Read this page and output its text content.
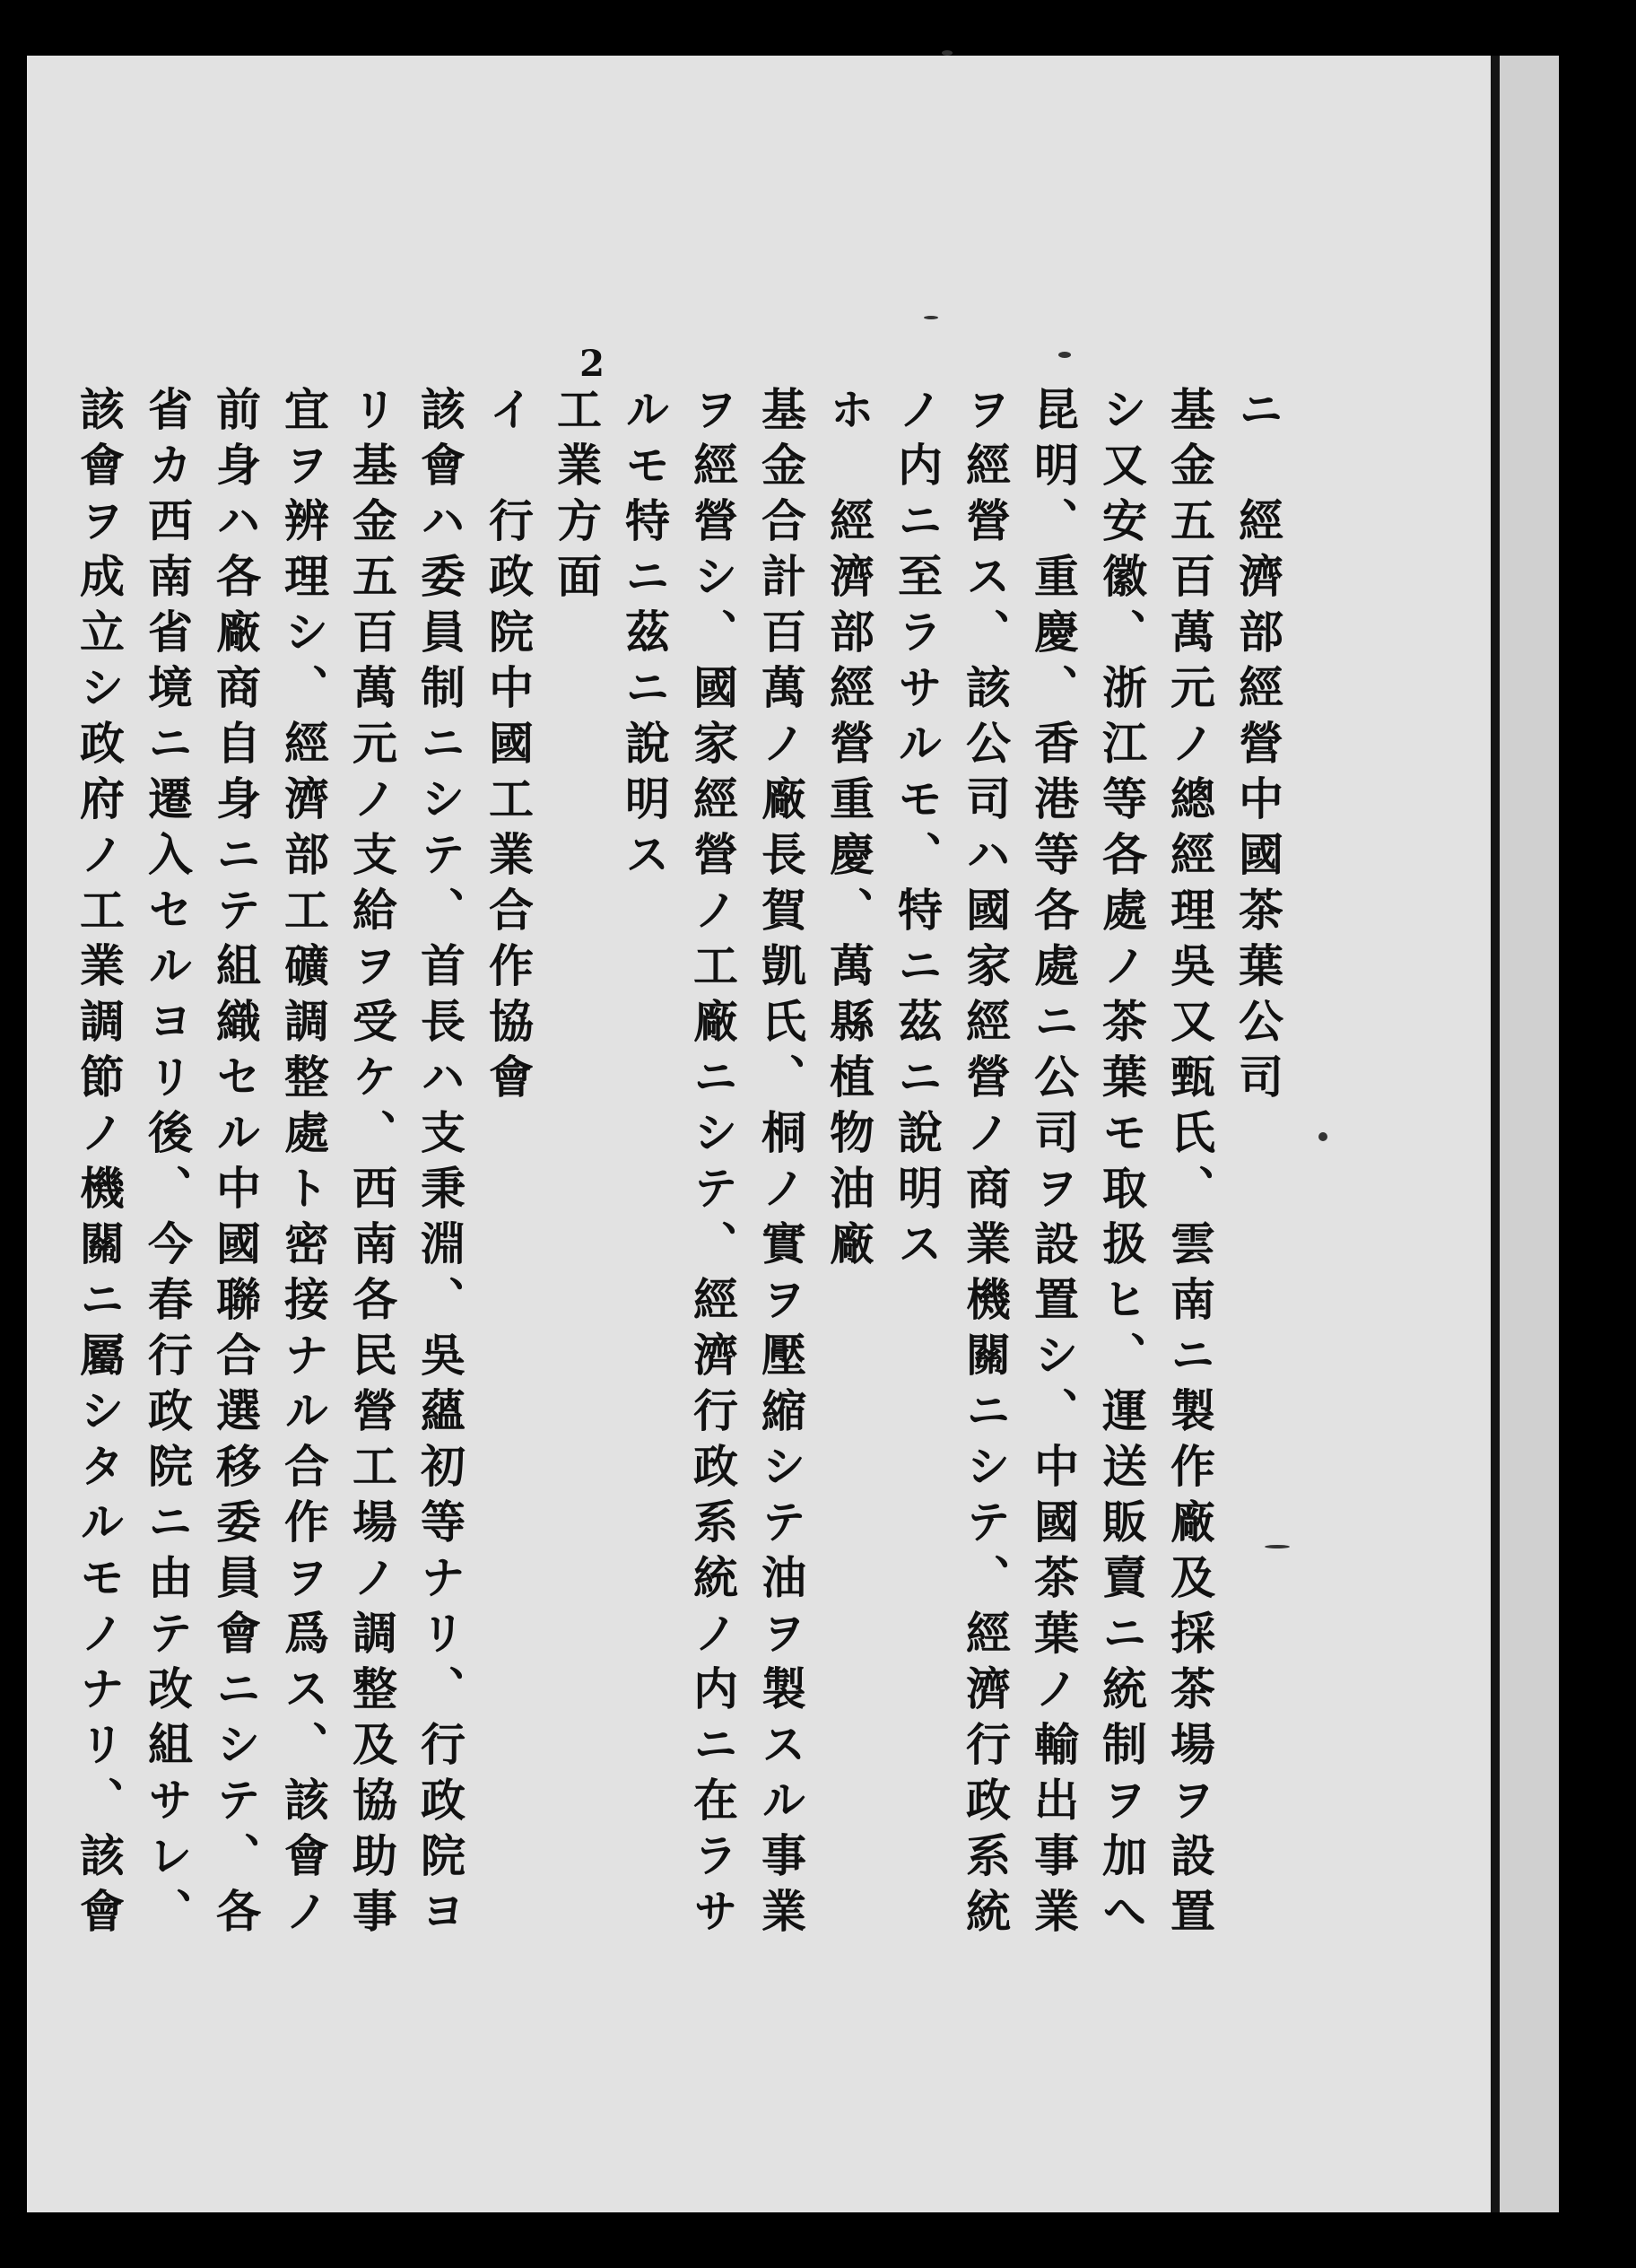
2

ニ　經濟部經營中國茶葉公司

基金五百萬元ノ總經理吳又甄氏、雲南ニ製作廠及採茶場ヲ設置

シ又安徽、浙江等各處ノ茶葉モ取扱ヒ、運送販賣ニ統制ヲ加へ

昆明、重慶、香港等各處ニ公司ヲ設置シ、中國茶葉ノ輸出事業

ヲ經營ス、該公司ハ國家經營ノ商業機關ニシテ、經濟行政系統

ノ内ニ至ラサルモ、特ニ茲ニ說明ス

ホ　經濟部經營重慶、萬縣植物油廠

基金合計百萬ノ廠長賀凱氏、桐ノ實ヲ壓縮シテ油ヲ製スル事業

ヲ經營シ、國家經營ノ工廠ニシテ、經濟行政系統ノ内ニ在ラサ

ルモ特ニ茲ニ說明ス

工業方面

イ　行政院中國工業合作協會

該會ハ委員制ニシテ、首長ハ支秉淵、吳蘊初等ナリ、行政院ヨ

リ基金五百萬元ノ支給ヲ受ケ、西南各民營工場ノ調整及協助事

宜ヲ辨理シ、經濟部工礦調整處ト密接ナル合作ヲ爲ス、該會ノ

前身ハ各廠商自身ニテ組織セル中國聯合選移委員會ニシテ、各

省カ西南省境ニ遷入セルヨリ後、今春行政院ニ由テ改組サレ、

該會ヲ成立シ政府ノ工業調節ノ機關ニ屬シタルモノナリ、該會
